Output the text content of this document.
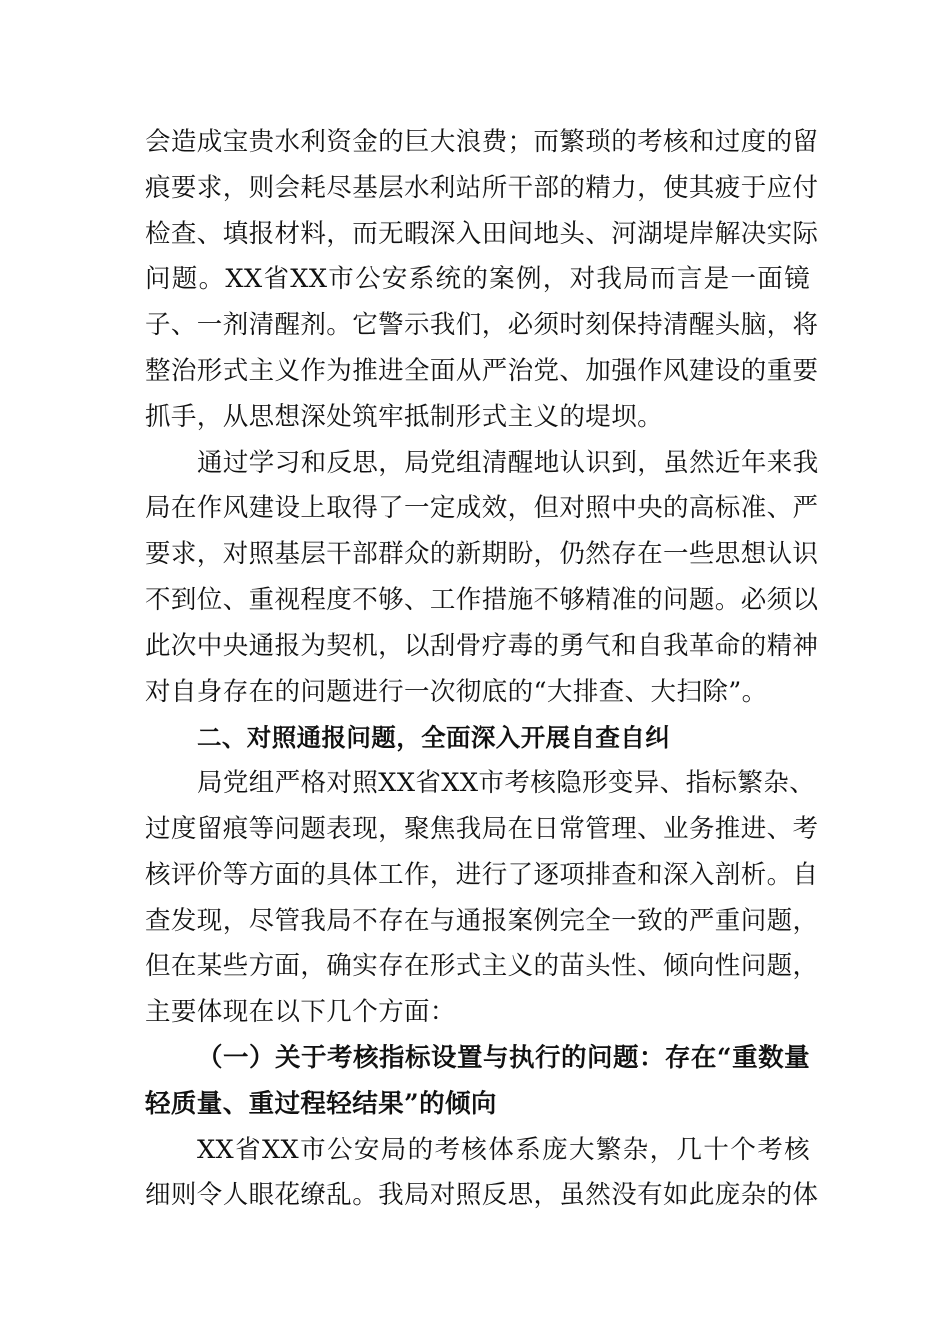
会造成宝贵水利资金的巨大浪费；而繁琐的考核和过度的留
痕要求，则会耗尽基层水利站所干部的精力，使其疲于应付
检查、填报材料，而无暇深入田间地头、河湖堤岸解决实际
问题。XX省XX市公安系统的案例，对我局而言是一面镜
子、一剂清醒剂。它警示我们，必须时刻保持清醒头脑，将
整治形式主义作为推进全面从严治党、加强作风建设的重要
抓手，从思想深处筑牢抵制形式主义的堤坝。
通过学习和反思，局党组清醒地认识到，虽然近年来我
局在作风建设上取得了一定成效，但对照中央的高标准、严
要求，对照基层干部群众的新期盼，仍然存在一些思想认识
不到位、重视程度不够、工作措施不够精准的问题。必须以
此次中央通报为契机，以刮骨疗毒的勇气和自我革命的精神
对自身存在的问题进行一次彻底的“大排查、大扫除”。
二、对照通报问题，全面深入开展自查自纠
局党组严格对照XX省XX市考核隐形变异、指标繁杂、
过度留痕等问题表现，聚焦我局在日常管理、业务推进、考
核评价等方面的具体工作，进行了逐项排查和深入剖析。自
查发现，尽管我局不存在与通报案例完全一致的严重问题，
但在某些方面，确实存在形式主义的苗头性、倾向性问题，
主要体现在以下几个方面：
（一）关于考核指标设置与执行的问题：存在“重数量
轻质量、重过程轻结果”的倾向
XX省XX市公安局的考核体系庞大繁杂，几十个考核
细则令人眼花缭乱。我局对照反思，虽然没有如此庞杂的体
